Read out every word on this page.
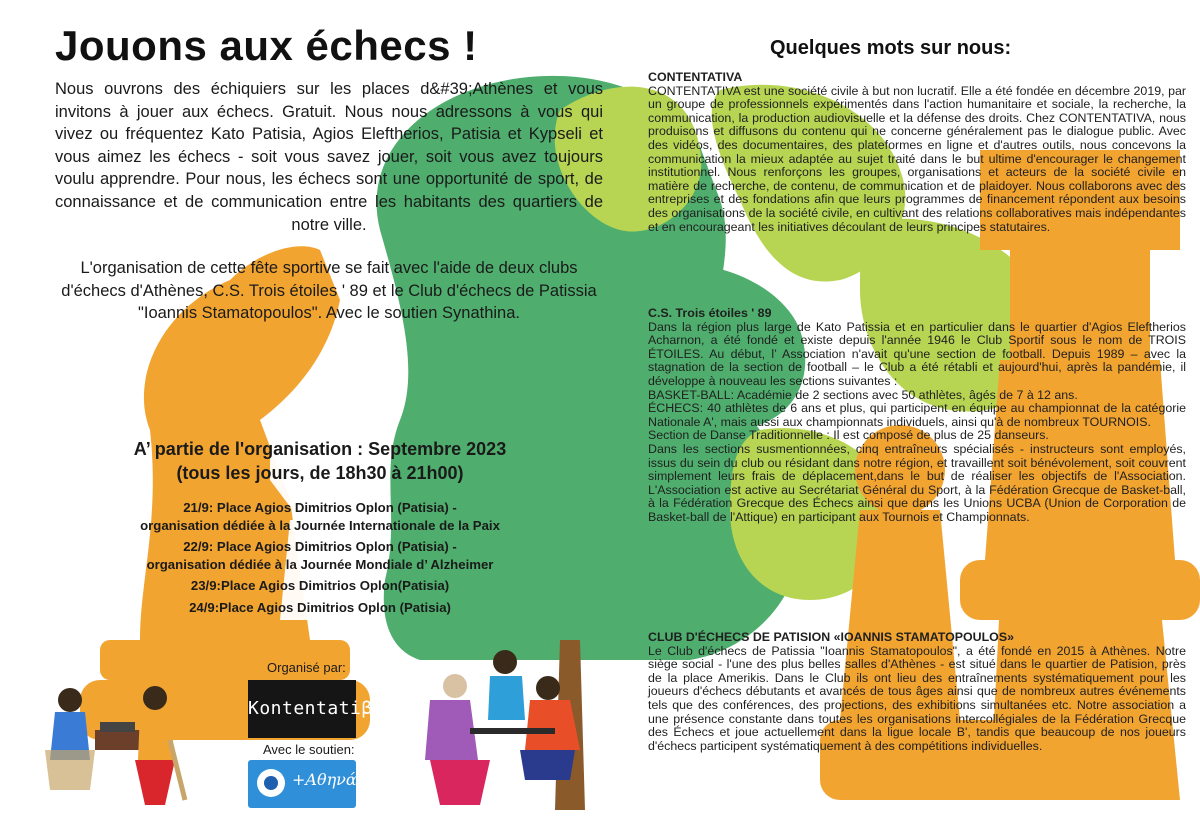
Jouons aux échecs !
Nous ouvrons des échiquiers sur les places d&#39;Athènes et vous invitons à jouer aux échecs. Gratuit. Nous nous adressons à vous qui vivez ou fréquentez Kato Patisia, Agios Eleftherios, Patisia et Kypseli et vous aimez les échecs - soit vous savez jouer, soit vous avez toujours voulu apprendre. Pour nous, les échecs sont une opportunité de sport, de connaissance et de communication entre les habitants des quartiers de notre ville.
L'organisation de cette fête sportive se fait avec l'aide de deux clubs d'échecs d'Athènes, C.S. Trois étoiles ' 89 et le Club d'échecs de Patissia "Ioannis Stamatopoulos". Avec le soutien Synathina.
A’ partie de l'organisation : Septembre 2023
(tous les jours, de 18h30 à 21h00)
21/9: Place Agios Dimitrios Oplon (Patisia) -
organisation dédiée à la Journée Internationale de la Paix
22/9: Place Agios Dimitrios Oplon (Patisia) -
organisation dédiée à la Journée Mondiale d’ Alzheimer
23/9:Place Agios Dimitrios Oplon(Patisia)
24/9:Place Agios Dimitrios Oplon (Patisia)
Organisé par:
Kontentatiβa
Avec le soutien:
+Αθηνά
Quelques mots sur nous:

CONTENTATIVA

CONTENTATIVA est une société civile à but non lucratif. Elle a été fondée en décembre 2019, par un groupe de professionnels expérimentés dans l'action humanitaire et sociale, la recherche, la communication, la production audiovisuelle et la défense des droits. Chez CONTENTATIVA, nous produisons et diffusons du contenu qui ne concerne généralement pas le dialogue public. Avec des vidéos, des documentaires, des plateformes en ligne et d'autres outils, nous concevons la communication la mieux adaptée au sujet traité dans le but ultime d'encourager le changement institutionnel. Nous renforçons les groupes, organisations et acteurs de la société civile en matière de recherche, de contenu, de communication et de plaidoyer. Nous collaborons avec des entreprises et des fondations afin que leurs programmes de financement répondent aux besoins des organisations de la société civile, en cultivant des relations collaboratives mais indépendantes et en encourageant les initiatives découlant de leurs principes statutaires.

C.S. Trois étoiles ' 89

Dans la région plus large de Kato Patissia et en particulier dans le quartier d'Agios Eleftherios Acharnon, a été fondé et existe depuis l'année 1946 le Club Sportif sous le nom de TROIS ÉTOILES. Au début, l’ Association n'avait qu'une section de football. Depuis 1989 – avec la stagnation de la section de football – le Club a été rétabli et aujourd'hui, après la pandémie, il développe à nouveau les sections suivantes :

BASKET-BALL: Académie de 2 sections avec 50 athlètes, âgés de 7 à 12 ans.

ÉCHECS: 40 athlètes de 6 ans et plus, qui participent en équipe au championnat de la catégorie Nationale A', mais aussi aux championnats individuels, ainsi qu'à de nombreux TOURNOIS.

Section de Danse Traditionnelle : Il est composé de plus de 25 danseurs.

Dans les sections susmentionnées, cinq entraîneurs spécialisés - instructeurs sont employés, issus du sein du club ou résidant dans notre région, et travaillent soit bénévolement, soit couvrent simplement leurs frais de déplacement,dans le but de réaliser les objectifs de l'Association. L'Association est active au Secrétariat Général du Sport, à la Fédération Grecque de Basket-ball, à la Fédération Grecque des Échecs ainsi que dans les Unions UCBA (Union de Corporation de Basket-ball de l'Attique) en participant aux Tournois et Championnats.

CLUB D'ÉCHECS DE PATISION «IOANNIS STAMATOPOULOS»

Le Club d'échecs de Patissia "Ioannis Stamatopoulos", a été fondé en 2015 à Athènes. Notre siège social - l'une des plus belles salles d'Athènes - est situé dans le quartier de Patision, près de la place Amerikis. Dans le Club ils ont lieu des entraînements systématiquement pour les joueurs d'échecs débutants et avancés de tous âges ainsi que de nombreux autres événements tels que des conférences, des projections, des exhibitions simultanées etc. Notre association a une présence constante dans toutes les organisations intercollégiales de la Fédération Grecque des Échecs et joue actuellement dans la ligue locale B', tandis que beaucoup de nos joueurs d'échecs participent systématiquement à des compétitions individuelles.
